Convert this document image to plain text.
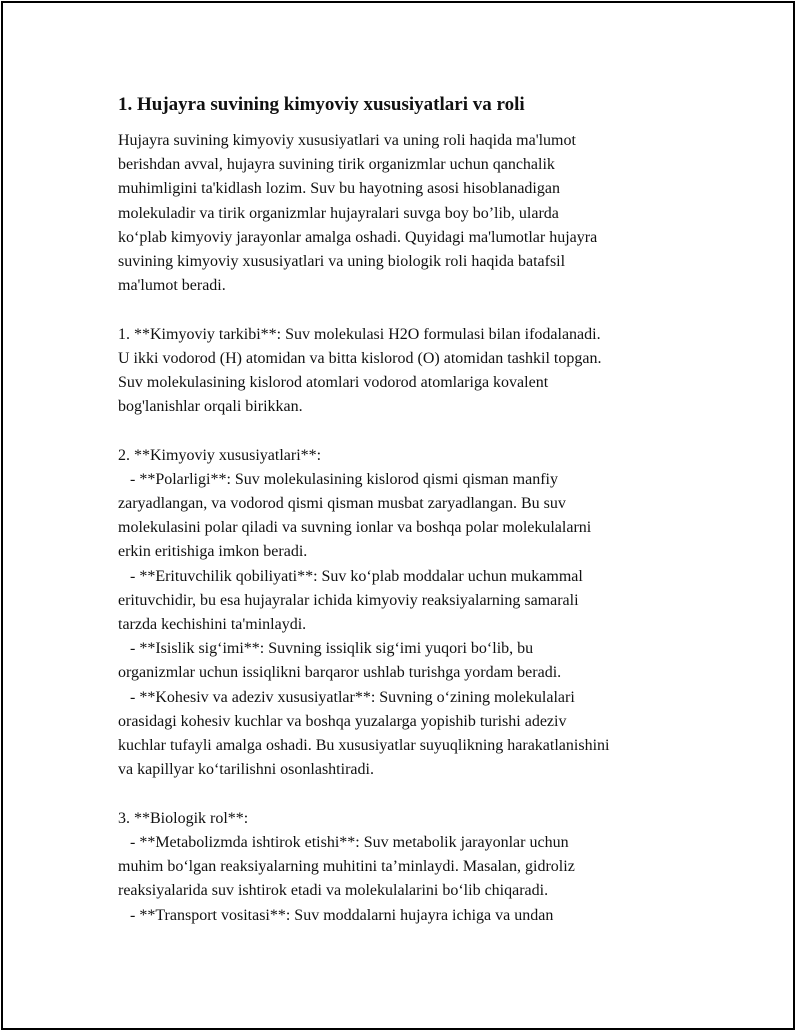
1. Hujayra suvining kimyoviy xususiyatlari va roli

Hujayra suvining kimyoviy xususiyatlari va uning roli haqida ma'lumot
berishdan avval, hujayra suvining tirik organizmlar uchun qanchalik
muhimligini ta'kidlash lozim. Suv bu hayotning asosi hisoblanadigan
molekuladir va tirik organizmlar hujayralari suvga boy bo’lib, ularda
ko‘plab kimyoviy jarayonlar amalga oshadi. Quyidagi ma'lumotlar hujayra
suvining kimyoviy xususiyatlari va uning biologik roli haqida batafsil
ma'lumot beradi.

1. **Kimyoviy tarkibi**: Suv molekulasi H2O formulasi bilan ifodalanadi.
U ikki vodorod (H) atomidan va bitta kislorod (O) atomidan tashkil topgan.
Suv molekulasining kislorod atomlari vodorod atomlariga kovalent
bog'lanishlar orqali birikkan.

2. **Kimyoviy xususiyatlari**:
- **Polarligi**: Suv molekulasining kislorod qismi qisman manfiy
zaryadlangan, va vodorod qismi qisman musbat zaryadlangan. Bu suv
molekulasini polar qiladi va suvning ionlar va boshqa polar molekulalarni
erkin eritishiga imkon beradi.
- **Erituvchilik qobiliyati**: Suv ko‘plab moddalar uchun mukammal
erituvchidir, bu esa hujayralar ichida kimyoviy reaksiyalarning samarali
tarzda kechishini ta'minlaydi.
- **Isislik sig‘imi**: Suvning issiqlik sig‘imi yuqori bo‘lib, bu
organizmlar uchun issiqlikni barqaror ushlab turishga yordam beradi.
- **Kohesiv va adeziv xususiyatlar**: Suvning o‘zining molekulalari
orasidagi kohesiv kuchlar va boshqa yuzalarga yopishib turishi adeziv
kuchlar tufayli amalga oshadi. Bu xususiyatlar suyuqlikning harakatlanishini
va kapillyar ko‘tarilishni osonlashtiradi.

3. **Biologik rol**:
- **Metabolizmda ishtirok etishi**: Suv metabolik jarayonlar uchun
muhim bo‘lgan reaksiyalarning muhitini ta’minlaydi. Masalan, gidroliz
reaksiyalarida suv ishtirok etadi va molekulalarini bo‘lib chiqaradi.
- **Transport vositasi**: Suv moddalarni hujayra ichiga va undan
